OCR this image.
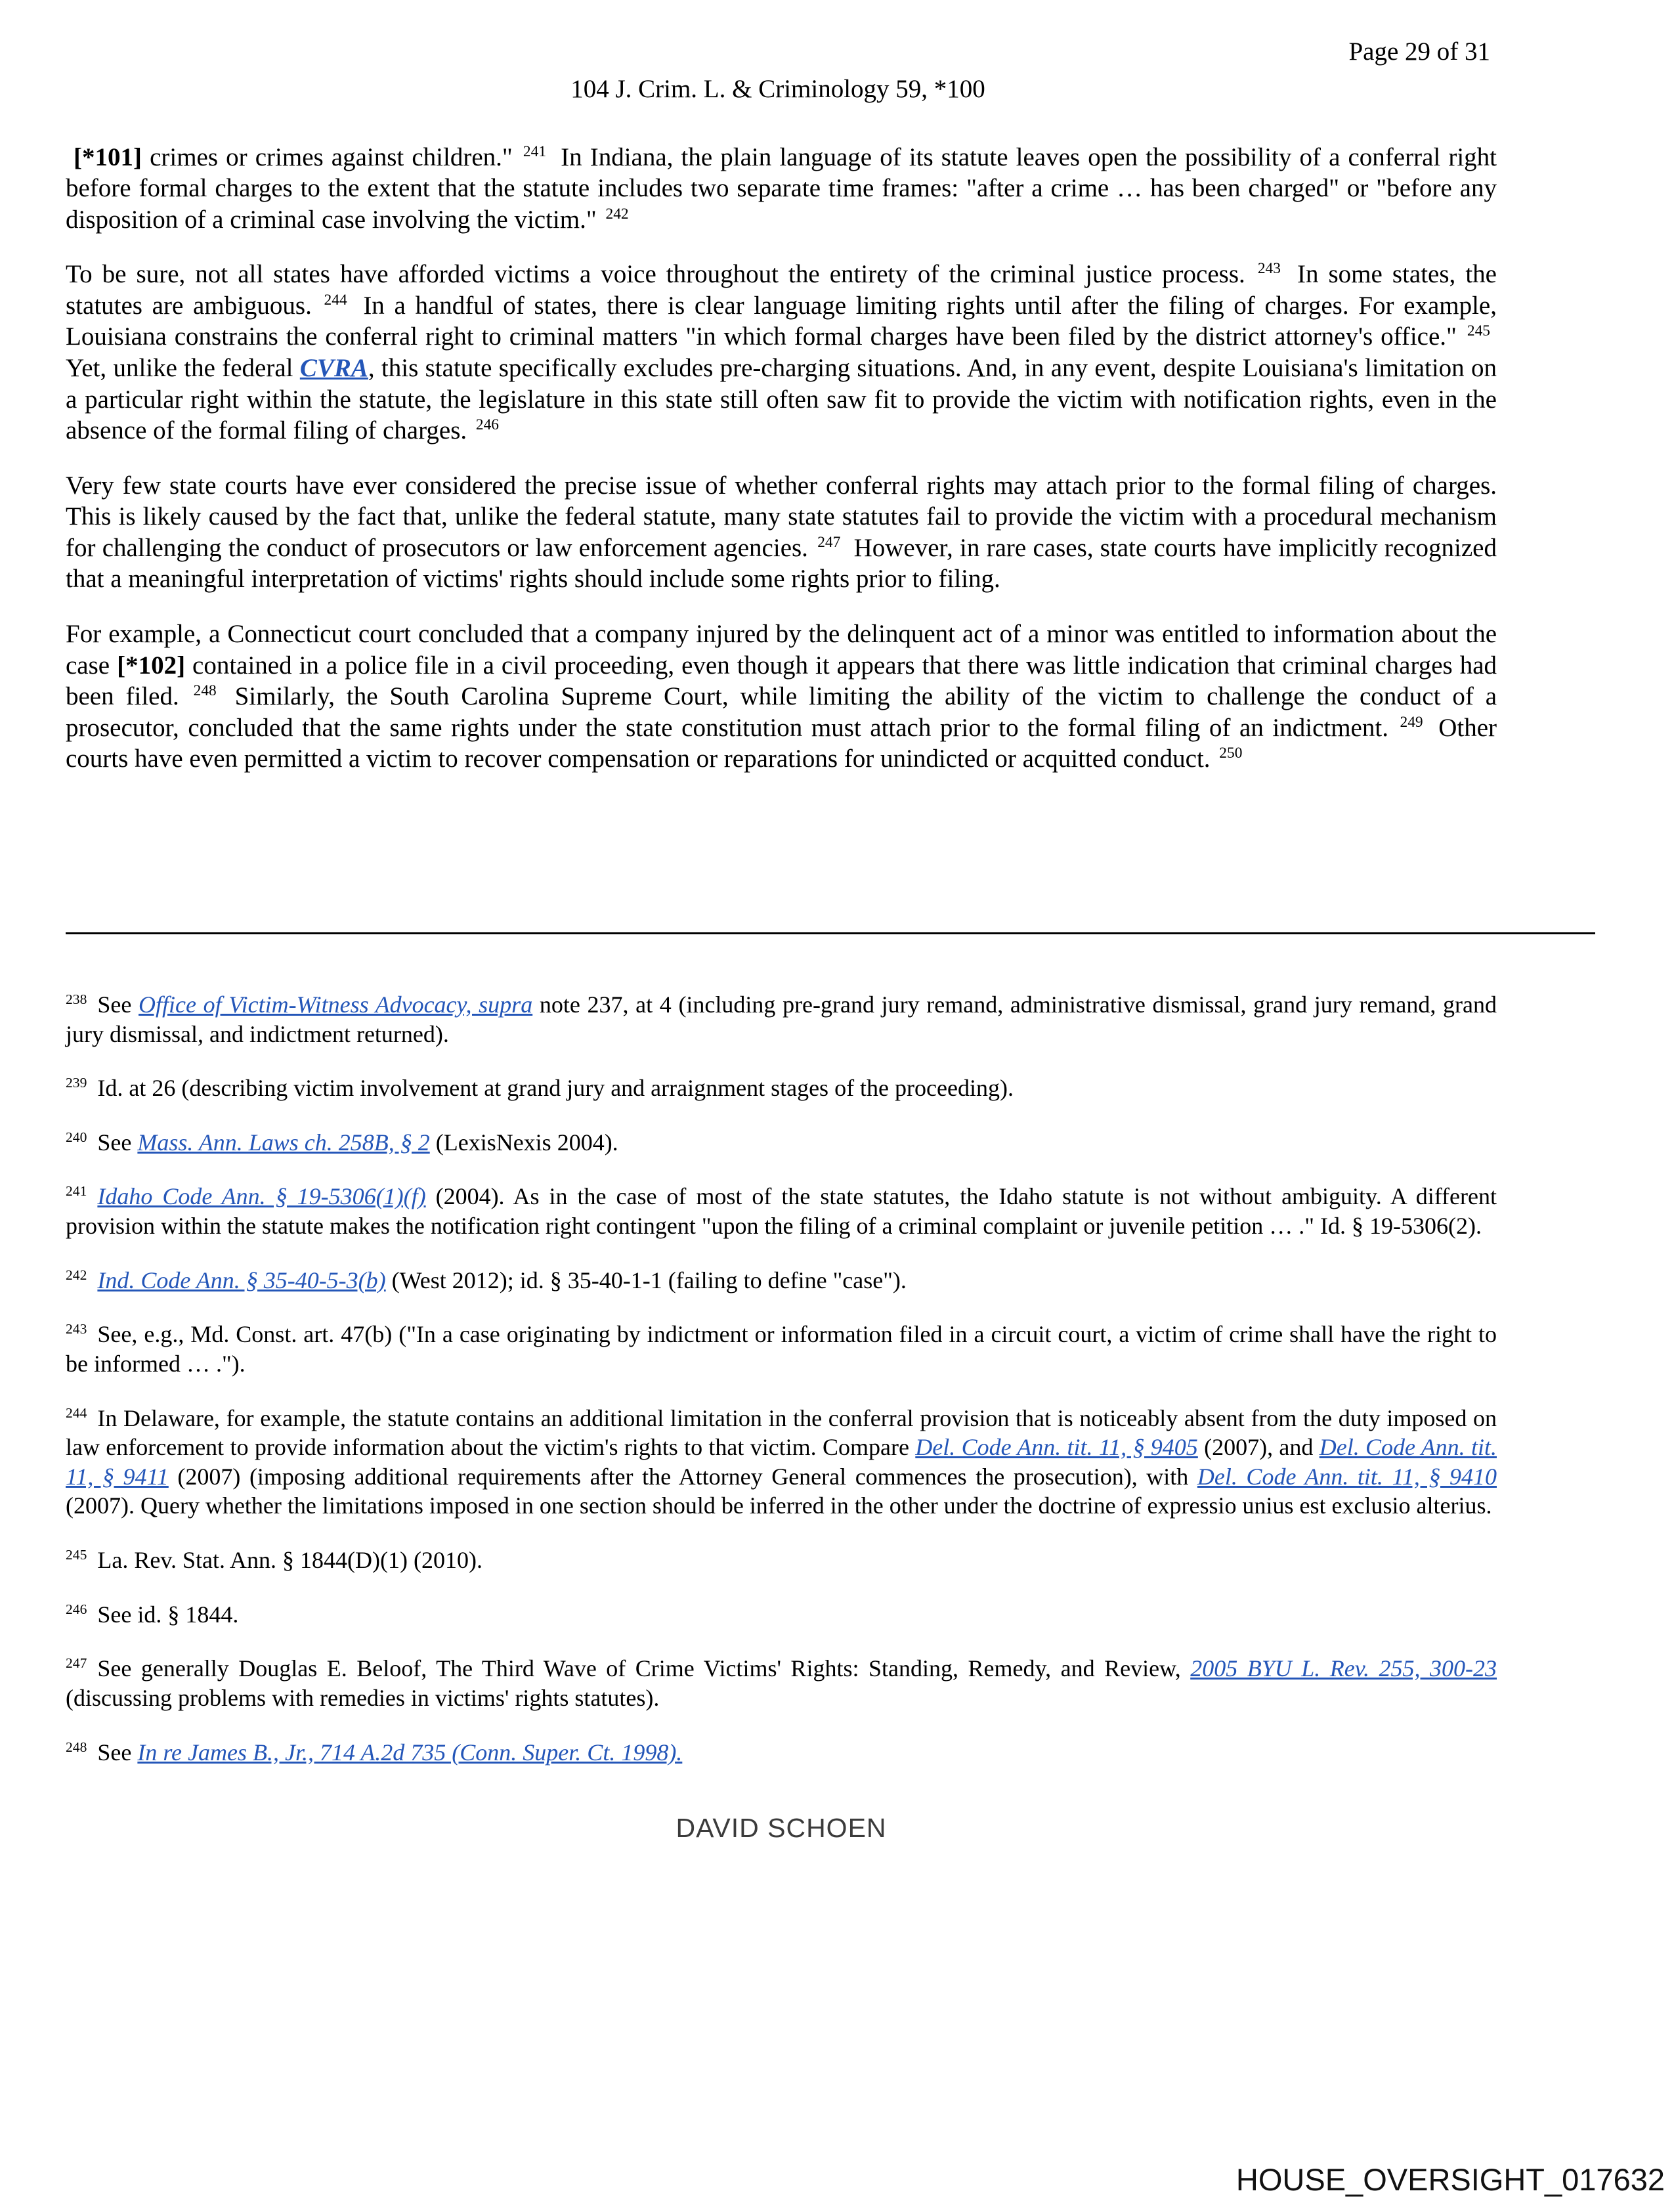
Page 29 of 31
104 J. Crim. L. & Criminology 59, *100

[*101] crimes or crimes against children." $^{241}$ In Indiana, the plain language of its statute leaves open the possibility of a conferral right before formal charges to the extent that the statute includes two separate time frames: "after a crime … has been charged" or "before any disposition of a criminal case involving the victim." $^{242}$

To be sure, not all states have afforded victims a voice throughout the entirety of the criminal justice process. $^{243}$ In some states, the statutes are ambiguous. $^{244}$ In a handful of states, there is clear language limiting rights until after the filing of charges. For example, Louisiana constrains the conferral right to criminal matters "in which formal charges have been filed by the district attorney's office." $^{245}$ Yet, unlike the federal CVRA, this statute specifically excludes pre-charging situations. And, in any event, despite Louisiana's limitation on a particular right within the statute, the legislature in this state still often saw fit to provide the victim with notification rights, even in the absence of the formal filing of charges. $^{246}$

Very few state courts have ever considered the precise issue of whether conferral rights may attach prior to the formal filing of charges. This is likely caused by the fact that, unlike the federal statute, many state statutes fail to provide the victim with a procedural mechanism for challenging the conduct of prosecutors or law enforcement agencies. $^{247}$ However, in rare cases, state courts have implicitly recognized that a meaningful interpretation of victims' rights should include some rights prior to filing.

For example, a Connecticut court concluded that a company injured by the delinquent act of a minor was entitled to information about the case [*102] contained in a police file in a civil proceeding, even though it appears that there was little indication that criminal charges had been filed. $^{248}$ Similarly, the South Carolina Supreme Court, while limiting the ability of the victim to challenge the conduct of a prosecutor, concluded that the same rights under the state constitution must attach prior to the formal filing of an indictment. $^{249}$ Other courts have even permitted a victim to recover compensation or reparations for unindicted or acquitted conduct. $^{250}$

$^{238}$ See Office of Victim-Witness Advocacy, supra note 237, at 4 (including pre-grand jury remand, administrative dismissal, grand jury remand, grand jury dismissal, and indictment returned).
$^{239}$ Id. at 26 (describing victim involvement at grand jury and arraignment stages of the proceeding).
$^{240}$ See Mass. Ann. Laws ch. 258B, § 2 (LexisNexis 2004).
$^{241}$ Idaho Code Ann. § 19-5306(1)(f) (2004). As in the case of most of the state statutes, the Idaho statute is not without ambiguity. A different provision within the statute makes the notification right contingent "upon the filing of a criminal complaint or juvenile petition … ." Id. § 19-5306(2).
$^{242}$ Ind. Code Ann. § 35-40-5-3(b) (West 2012); id. § 35-40-1-1 (failing to define "case").
$^{243}$ See, e.g., Md. Const. art. 47(b) ("In a case originating by indictment or information filed in a circuit court, a victim of crime shall have the right to be informed … .").
$^{244}$ In Delaware, for example, the statute contains an additional limitation in the conferral provision that is noticeably absent from the duty imposed on law enforcement to provide information about the victim's rights to that victim. Compare Del. Code Ann. tit. 11, § 9405 (2007), and Del. Code Ann. tit. 11, § 9411 (2007) (imposing additional requirements after the Attorney General commences the prosecution), with Del. Code Ann. tit. 11, § 9410 (2007). Query whether the limitations imposed in one section should be inferred in the other under the doctrine of expressio unius est exclusio alterius.
$^{245}$ La. Rev. Stat. Ann. § 1844(D)(1) (2010).
$^{246}$ See id. § 1844.
$^{247}$ See generally Douglas E. Beloof, The Third Wave of Crime Victims' Rights: Standing, Remedy, and Review, 2005 BYU L. Rev. 255, 300-23 (discussing problems with remedies in victims' rights statutes).
$^{248}$ See In re James B., Jr., 714 A.2d 735 (Conn. Super. Ct. 1998).
DAVID SCHOEN
HOUSE_OVERSIGHT_017632
